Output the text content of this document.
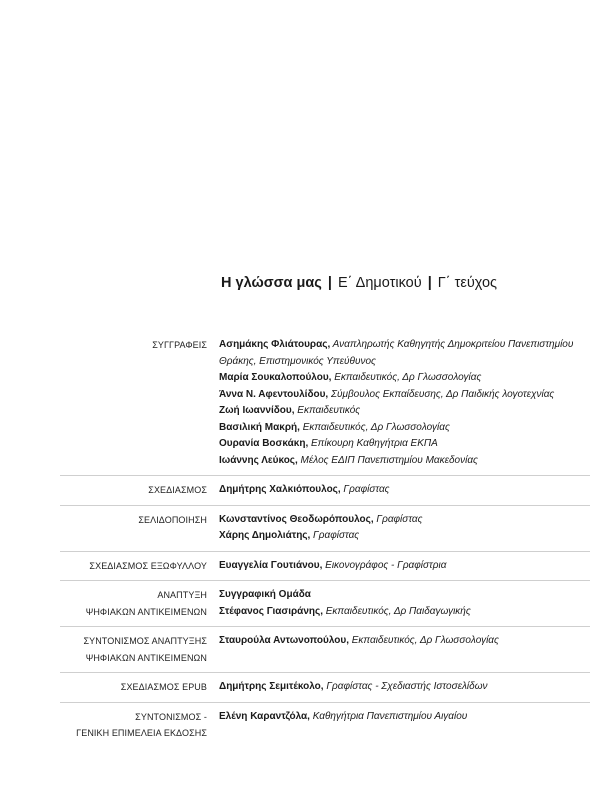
Η γλώσσα μας | Ε΄ Δημοτικού | Γ΄ τεύχος
ΣΥΓΓΡΑΦΕΙΣ Ασημάκης Φλιάτουρας, Αναπληρωτής Καθηγητής Δημοκριτείου Πανεπιστημίου Θράκης, Επιστημονικός Υπεύθυνος
Μαρία Σουκαλοπούλου, Εκπαιδευτικός, Δρ Γλωσσολογίας
Άννα Ν. Αφεντουλίδου, Σύμβουλος Εκπαίδευσης, Δρ Παιδικής λογοτεχνίας
Ζωή Ιωαννίδου, Εκπαιδευτικός
Βασιλική Μακρή, Εκπαιδευτικός, Δρ Γλωσσολογίας
Ουρανία Βοσκάκη, Επίκουρη Καθηγήτρια ΕΚΠΑ
Ιωάννης Λεύκος, Μέλος ΕΔΙΠ Πανεπιστημίου Μακεδονίας
ΣΧΕΔΙΑΣΜΟΣ Δημήτρης Χαλκιόπουλος, Γραφίστας
ΣΕΛΙΔΟΠΟΙΗΣΗ Κωνσταντίνος Θεοδωρόπουλος, Γραφίστας
Χάρης Δημολιάτης, Γραφίστας
ΣΧΕΔΙΑΣΜΟΣ ΕΞΩΦΥΛΛΟΥ Ευαγγελία Γουτιάνου, Εικονογράφος - Γραφίστρια
ΑΝΑΠΤΥΞΗ
ΨΗΦΙΑΚΩΝ ΑΝΤΙΚΕΙΜΕΝΩΝ
Συγγραφική Ομάδα
Στέφανος Γιασιράνης, Εκπαιδευτικός, Δρ Παιδαγωγικής
ΣΥΝΤΟΝΙΣΜΟΣ ΑΝΑΠΤΥΞΗΣ
ΨΗΦΙΑΚΩΝ ΑΝΤΙΚΕΙΜΕΝΩΝ
Σταυρούλα Αντωνοπούλου, Εκπαιδευτικός, Δρ Γλωσσολογίας
ΣΧΕΔΙΑΣΜΟΣ EPUB Δημήτρης Σεμιτέκολο, Γραφίστας - Σχεδιαστής Ιστοσελίδων
ΣΥΝΤΟΝΙΣΜΟΣ -
ΓΕΝΙΚΗ ΕΠΙΜΕΛΕΙΑ ΕΚΔΟΣΗΣ
Ελένη Καραντζόλα, Καθηγήτρια Πανεπιστημίου Αιγαίου
